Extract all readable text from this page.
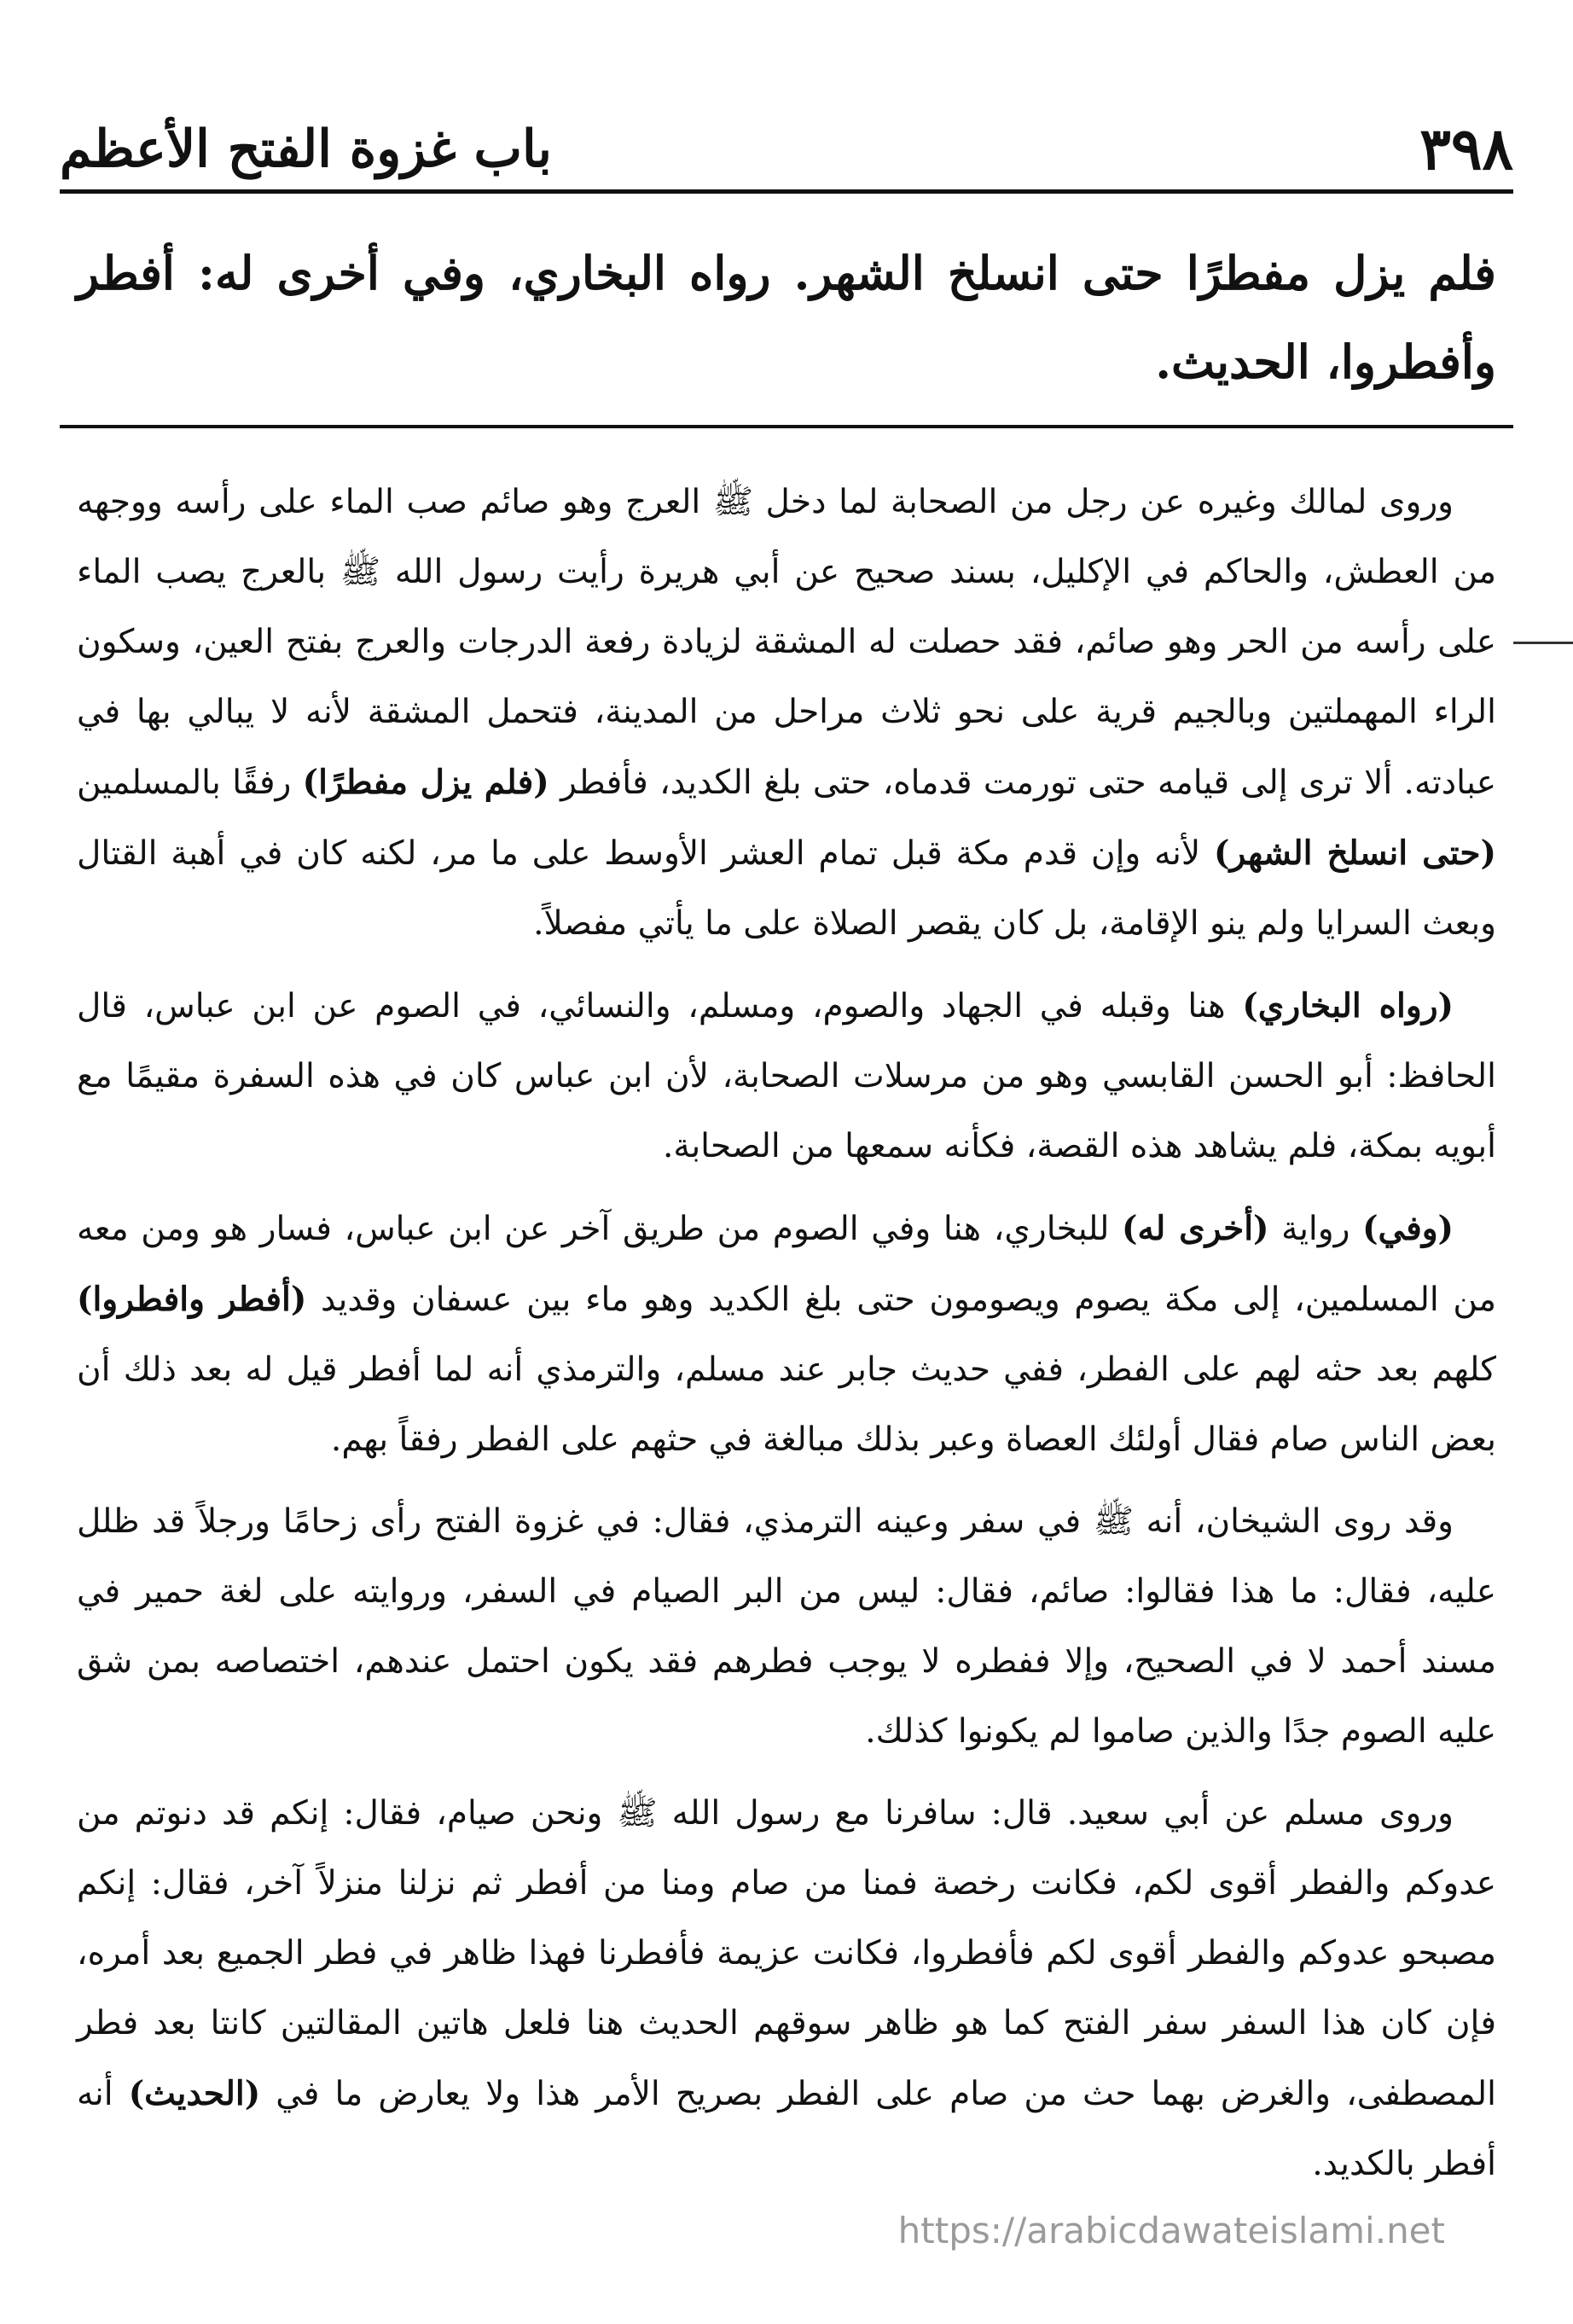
٣٩٨
باب غزوة الفتح الأعظم
فلم يزل مفطرًا حتى انسلخ الشهر. رواه البخاري، وفي أخرى له: أفطر وأفطروا، الحديث.

وروى لمالك وغيره عن رجل من الصحابة لما دخل ﷺ العرج وهو صائم صب الماء على رأسه ووجهه من العطش، والحاكم في الإكليل، بسند صحيح عن أبي هريرة رأيت رسول الله ﷺ بالعرج يصب الماء على رأسه من الحر وهو صائم، فقد حصلت له المشقة لزيادة رفعة الدرجات والعرج بفتح العين، وسكون الراء المهملتين وبالجيم قرية على نحو ثلاث مراحل من المدينة، فتحمل المشقة لأنه لا يبالي بها في عبادته. ألا ترى إلى قيامه حتى تورمت قدماه، حتى بلغ الكديد، فأفطر (فلم يزل مفطرًا) رفقًا بالمسلمين (حتى انسلخ الشهر) لأنه وإن قدم مكة قبل تمام العشر الأوسط على ما مر، لكنه كان في أهبة القتال وبعث السرايا ولم ينو الإقامة، بل كان يقصر الصلاة على ما يأتي مفصلاً.

(رواه البخاري) هنا وقبله في الجهاد والصوم، ومسلم، والنسائي، في الصوم عن ابن عباس، قال الحافظ: أبو الحسن القابسي وهو من مرسلات الصحابة، لأن ابن عباس كان في هذه السفرة مقيمًا مع أبويه بمكة، فلم يشاهد هذه القصة، فكأنه سمعها من الصحابة.

(وفي) رواية (أخرى له) للبخاري، هنا وفي الصوم من طريق آخر عن ابن عباس، فسار هو ومن معه من المسلمين، إلى مكة يصوم ويصومون حتى بلغ الكديد وهو ماء بين عسفان وقديد (أفطر وافطروا) كلهم بعد حثه لهم على الفطر، ففي حديث جابر عند مسلم، والترمذي أنه لما أفطر قيل له بعد ذلك أن بعض الناس صام فقال أولئك العصاة وعبر بذلك مبالغة في حثهم على الفطر رفقاً بهم.

وقد روى الشيخان، أنه ﷺ في سفر وعينه الترمذي، فقال: في غزوة الفتح رأى زحامًا ورجلاً قد ظلل عليه، فقال: ما هذا فقالوا: صائم، فقال: ليس من البر الصيام في السفر، وروايته على لغة حمير في مسند أحمد لا في الصحيح، وإلا ففطره لا يوجب فطرهم فقد يكون احتمل عندهم، اختصاصه بمن شق عليه الصوم جدًا والذين صاموا لم يكونوا كذلك.

وروى مسلم عن أبي سعيد. قال: سافرنا مع رسول الله ﷺ ونحن صيام، فقال: إنكم قد دنوتم من عدوكم والفطر أقوى لكم، فكانت رخصة فمنا من صام ومنا من أفطر ثم نزلنا منزلاً آخر، فقال: إنكم مصبحو عدوكم والفطر أقوى لكم فأفطروا، فكانت عزيمة فأفطرنا فهذا ظاهر في فطر الجميع بعد أمره، فإن كان هذا السفر سفر الفتح كما هو ظاهر سوقهم الحديث هنا فلعل هاتين المقالتين كانتا بعد فطر المصطفى، والغرض بهما حث من صام على الفطر بصريح الأمر هذا ولا يعارض ما في (الحديث) أنه أفطر بالكديد.

https://arabicdawateislami.net
